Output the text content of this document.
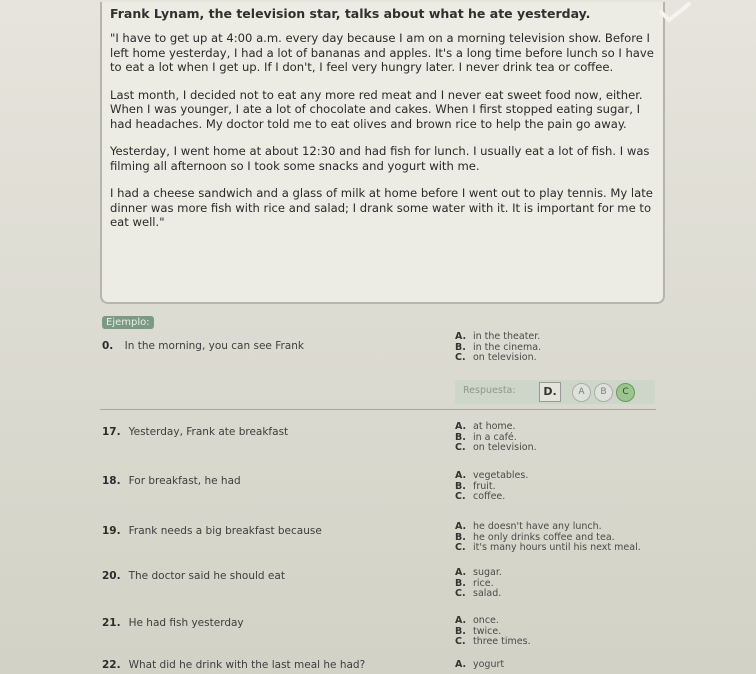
Frank Lynam, the television star, talks about what he ate yesterday.

"I have to get up at 4:00 a.m. every day because I am on a morning television show. Before I left home yesterday, I had a lot of bananas and apples. It's a long time before lunch so I have to eat a lot when I get up. If I don't, I feel very hungry later. I never drink tea or coffee.

Last month, I decided not to eat any more red meat and I never eat sweet food now, either. When I was younger, I ate a lot of chocolate and cakes. When I first stopped eating sugar, I had headaches. My doctor told me to eat olives and brown rice to help the pain go away.

Yesterday, I went home at about 12:30 and had fish for lunch. I usually eat a lot of fish. I was filming all afternoon so I took some snacks and yogurt with me.

I had a cheese sandwich and a glass of milk at home before I went out to play tennis. My late dinner was more fish with rice and salad; I drank some water with it. It is important for me to eat well."

Ejemplo:
0. In the morning, you can see Frank
A. in the theater.
B. in the cinema.
C. on television.
Respuesta:	D.	A	B	C
17. Yesterday, Frank ate breakfast	A. at home.
B. in a café.
C. on television.
18. For breakfast, he had	A. vegetables.
B. fruit.
C. coffee.
19. Frank needs a big breakfast because	A. he doesn't have any lunch.
B. he only drinks coffee and tea.
C. it's many hours until his next meal.
20. The doctor said he should eat	A. sugar.
B. rice.
C. salad.
21. He had fish yesterday	A. once.
B. twice.
C. three times.
22. What did he drink with the last meal he had?	A. yogurt
